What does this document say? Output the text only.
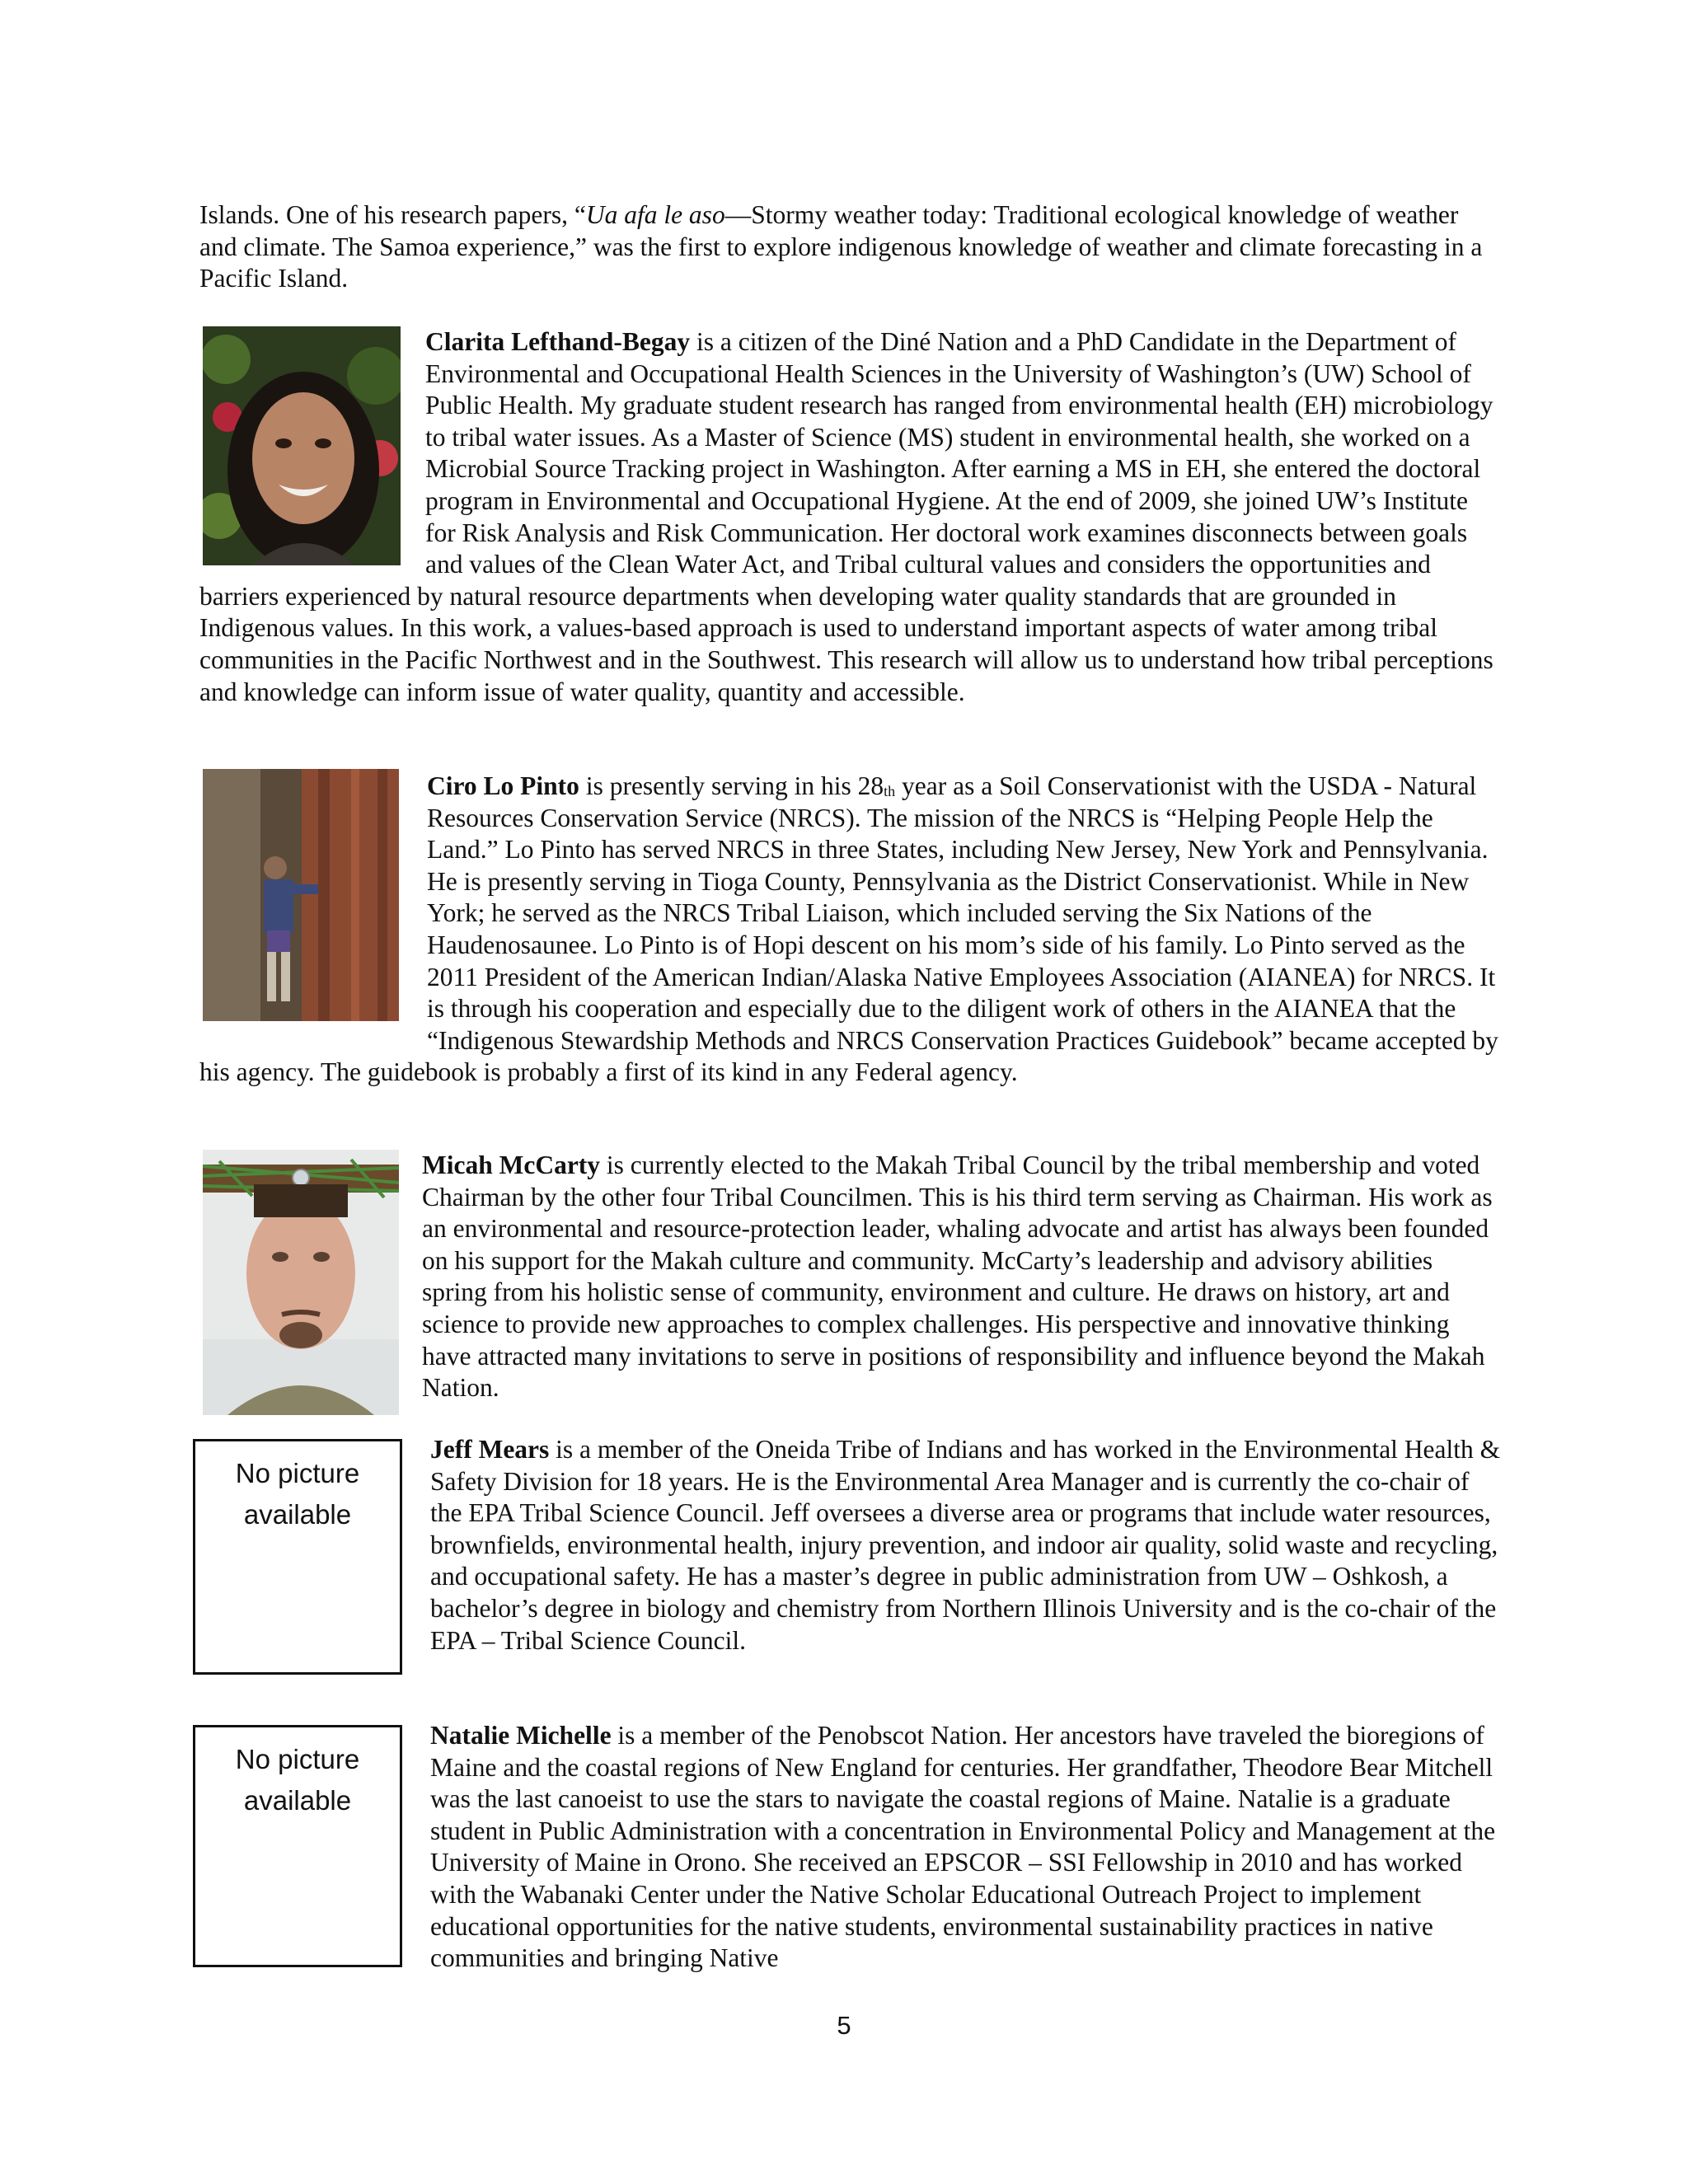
Islands. One of his research papers, “Ua afa le aso—Stormy weather today: Traditional ecological knowledge of weather and climate. The Samoa experience,” was the first to explore indigenous knowledge of weather and climate forecasting in a Pacific Island.

Clarita Lefthand-Begay is a citizen of the Diné Nation and a PhD Candidate in the Department of Environmental and Occupational Health Sciences in the University of Washington’s (UW) School of Public Health. My graduate student research has ranged from environmental health (EH) microbiology to tribal water issues. As a Master of Science (MS) student in environmental health, she worked on a Microbial Source Tracking project in Washington. After earning a MS in EH, she entered the doctoral program in Environmental and Occupational Hygiene. At the end of 2009, she joined UW’s Institute for Risk Analysis and Risk Communication. Her doctoral work examines disconnects between goals and values of the Clean Water Act, and Tribal cultural values and considers the opportunities and barriers experienced by natural resource departments when developing water quality standards that are grounded in Indigenous values. In this work, a values-based approach is used to understand important aspects of water among tribal communities in the Pacific Northwest and in the Southwest. This research will allow us to understand how tribal perceptions and knowledge can inform issue of water quality, quantity and accessible.
Ciro Lo Pinto is presently serving in his 28th year as a Soil Conservationist with the USDA - Natural Resources Conservation Service (NRCS). The mission of the NRCS is “Helping People Help the Land.” Lo Pinto has served NRCS in three States, including New Jersey, New York and Pennsylvania. He is presently serving in Tioga County, Pennsylvania as the District Conservationist. While in New York; he served as the NRCS Tribal Liaison, which included serving the Six Nations of the Haudenosaunee. Lo Pinto is of Hopi descent on his mom’s side of his family. Lo Pinto served as the 2011 President of the American Indian/Alaska Native Employees Association (AIANEA) for NRCS. It is through his cooperation and especially due to the diligent work of others in the AIANEA that the “Indigenous Stewardship Methods and NRCS Conservation Practices Guidebook” became accepted by his agency. The guidebook is probably a first of its kind in any Federal agency.
Micah McCarty is currently elected to the Makah Tribal Council by the tribal membership and voted Chairman by the other four Tribal Councilmen. This is his third term serving as Chairman. His work as an environmental and resource-protection leader, whaling advocate and artist has always been founded on his support for the Makah culture and community. McCarty’s leadership and advisory abilities spring from his holistic sense of community, environment and culture. He draws on history, art and science to provide new approaches to complex challenges. His perspective and innovative thinking have attracted many invitations to serve in positions of responsibility and influence beyond the Makah Nation.
No picture available
Jeff Mears is a member of the Oneida Tribe of Indians and has worked in the Environmental Health & Safety Division for 18 years. He is the Environmental Area Manager and is currently the co-chair of the EPA Tribal Science Council. Jeff oversees a diverse area or programs that include water resources, brownfields, environmental health, injury prevention, and indoor air quality, solid waste and recycling, and occupational safety. He has a master’s degree in public administration from UW – Oshkosh, a bachelor’s degree in biology and chemistry from Northern Illinois University and is the co-chair of the EPA – Tribal Science Council.
No picture available
Natalie Michelle is a member of the Penobscot Nation. Her ancestors have traveled the bioregions of Maine and the coastal regions of New England for centuries. Her grandfather, Theodore Bear Mitchell was the last canoeist to use the stars to navigate the coastal regions of Maine. Natalie is a graduate student in Public Administration with a concentration in Environmental Policy and Management at the University of Maine in Orono. She received an EPSCOR – SSI Fellowship in 2010 and has worked with the Wabanaki Center under the Native Scholar Educational Outreach Project to implement educational opportunities for the native students, environmental sustainability practices in native communities and bringing Native
5
